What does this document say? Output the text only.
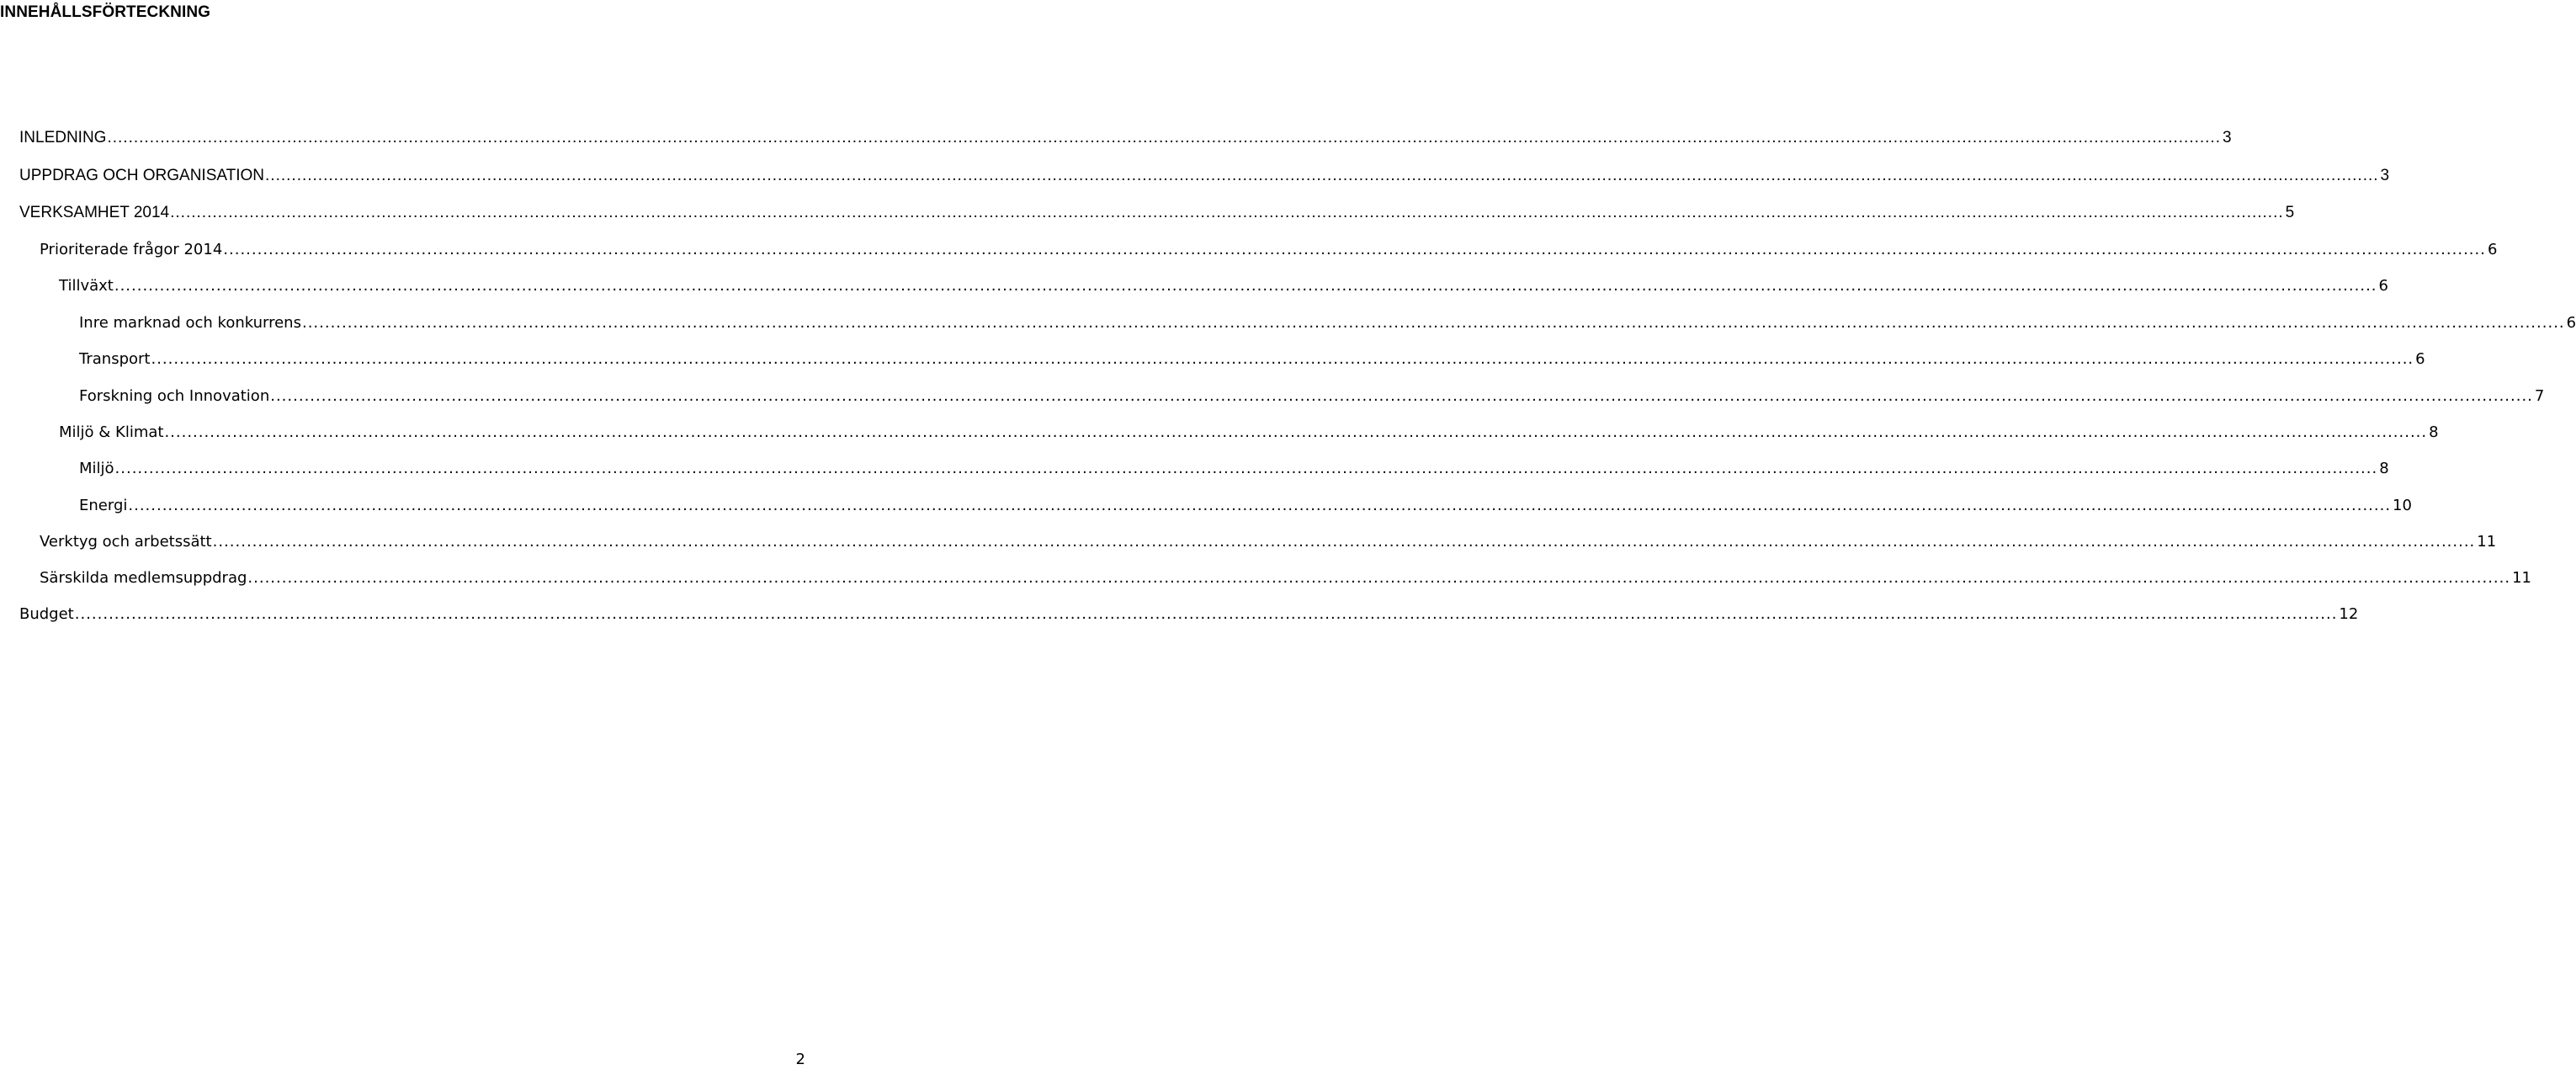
INNEHÅLLSFÖRTECKNING
INLEDNING ................................................................................................................................................................................................................................................................................................................................................................................................................ 3
UPPDRAG OCH ORGANISATION ................................................................................................................................................................................................................................................................................................................................................................................................................ 3
VERKSAMHET 2014 ................................................................................................................................................................................................................................................................................................................................................................................................................ 5
Prioriterade frågor 2014 ................................................................................................................................................................................................................................................................................................................................................................................................................ 6
Tillväxt ................................................................................................................................................................................................................................................................................................................................................................................................................ 6
Inre marknad och konkurrens ................................................................................................................................................................................................................................................................................................................................................................................................................ 6
Transport ................................................................................................................................................................................................................................................................................................................................................................................................................ 6
Forskning och Innovation ................................................................................................................................................................................................................................................................................................................................................................................................................ 7
Miljö & Klimat ................................................................................................................................................................................................................................................................................................................................................................................................................ 8
Miljö ................................................................................................................................................................................................................................................................................................................................................................................................................ 8
Energi ................................................................................................................................................................................................................................................................................................................................................................................................................ 10
Verktyg och arbetssätt ................................................................................................................................................................................................................................................................................................................................................................................................................ 11
Särskilda medlemsuppdrag ................................................................................................................................................................................................................................................................................................................................................................................................................ 11
Budget ................................................................................................................................................................................................................................................................................................................................................................................................................ 12
2
